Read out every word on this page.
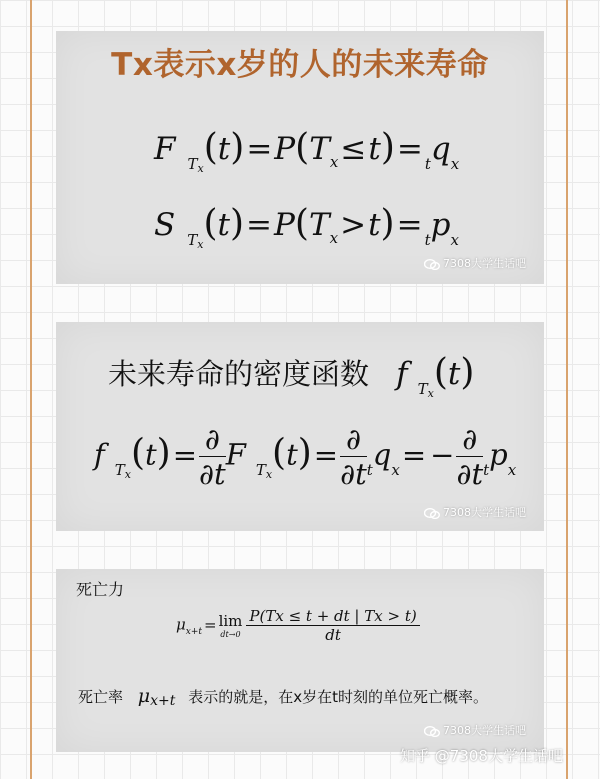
Tx表示x岁的人的未来寿命
F $_{T_x}(t)=P(T_x\le t)= _tq_x$
S $_{T_x}(t)=P(T_x>t)= _tp_x$
7308大学生话吧
未来寿命的密度函数 f $_{T_x}$(t)
f $_{T_x}(t)= \frac{\partial}{\partial t}$ F $_{T_x}(t)= \frac{\partial}{\partial t} _tq_x= - \frac{\partial}{\partial t} _tp_x$
7308大学生话吧
死亡力
$\mu_{x+t} = \lim$
$dt\to 0 \frac{P(Tx \le t + dt | Tx > t)}{dt}$
死亡率 μx+t 表示的就是，在x岁在t时刻的单位死亡概率。
7308大学生话吧
知乎 @7308大学生话吧
